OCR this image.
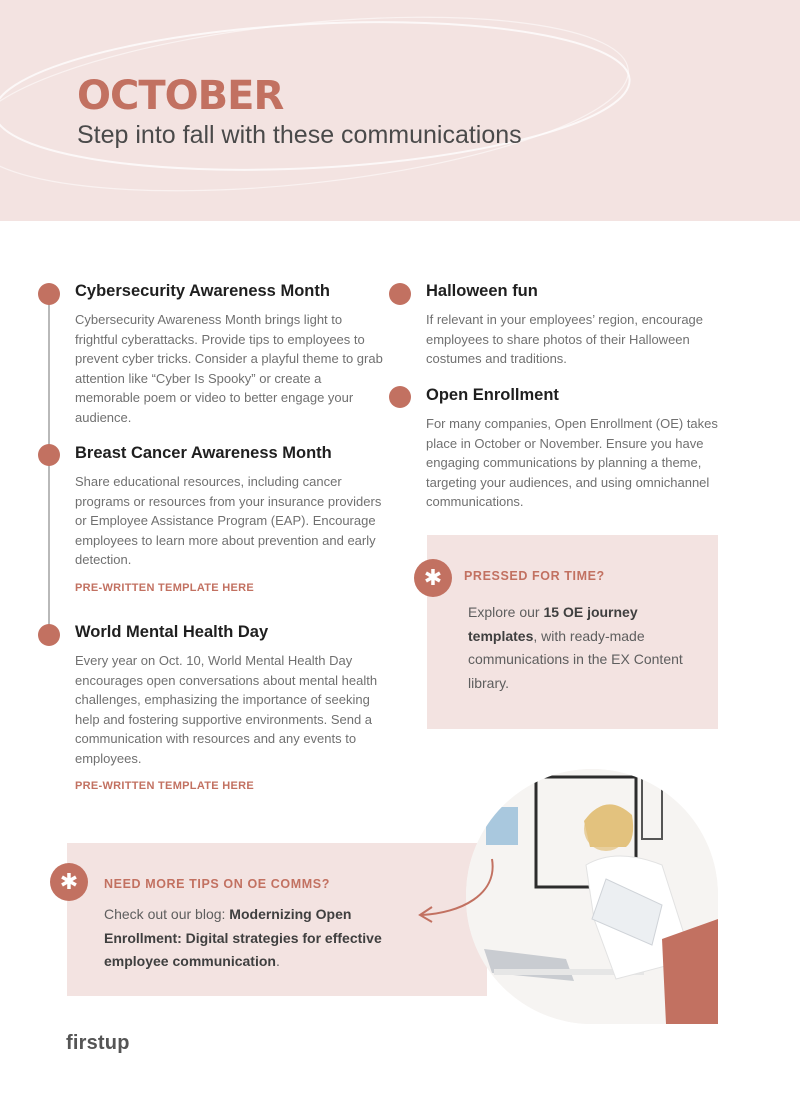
OCTOBER
Step into fall with these communications
Cybersecurity Awareness Month

Cybersecurity Awareness Month brings light to frightful cyberattacks. Provide tips to employees to prevent cyber tricks. Consider a playful theme to grab attention like “Cyber Is Spooky” or create a memorable poem or video to better engage your audience.

Breast Cancer Awareness Month

Share educational resources, including cancer programs or resources from your insurance providers or Employee Assistance Program (EAP). Encourage employees to learn more about prevention and early detection.

PRE-WRITTEN TEMPLATE HERE
World Mental Health Day

Every year on Oct. 10, World Mental Health Day encourages open conversations about mental health challenges, emphasizing the importance of seeking help and fostering supportive environments. Send a communication with resources and any events to employees.

PRE-WRITTEN TEMPLATE HERE
Halloween fun

If relevant in your employees’ region, encourage employees to share photos of their Halloween costumes and traditions.

Open Enrollment

For many companies, Open Enrollment (OE) takes place in October or November. Ensure you have engaging communications by planning a theme, targeting your audiences, and using omnichannel communications.

PRESSED FOR TIME?
Explore our 15 OE journey templates, with ready-made communications in the EX Content library.
✱
NEED MORE TIPS ON OE COMMS?
Check out our blog: Modernizing Open Enrollment: Digital strategies for effective employee communication.
✱
firstup
